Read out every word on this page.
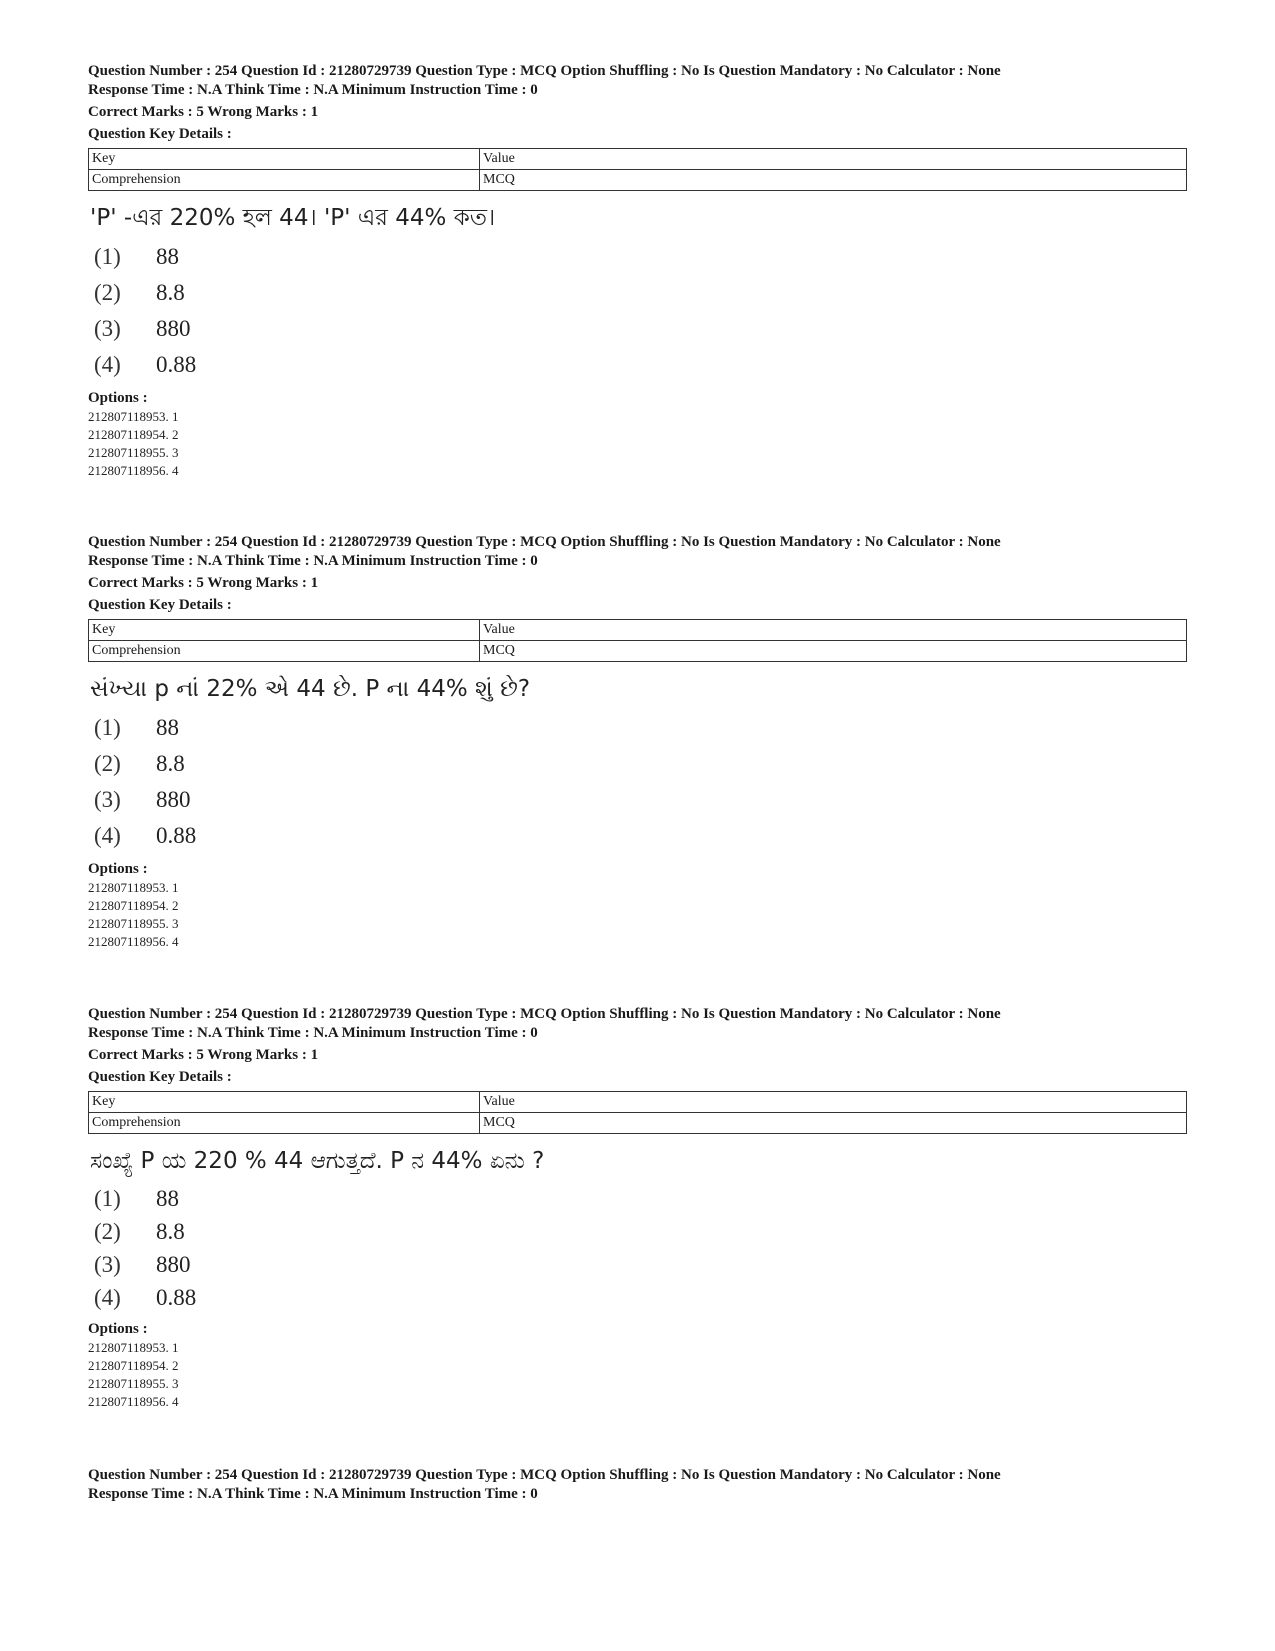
Question Number : 254 Question Id : 21280729739 Question Type : MCQ Option Shuffling : No Is Question Mandatory : No Calculator : None

Response Time : N.A Think Time : N.A Minimum Instruction Time : 0

Correct Marks : 5 Wrong Marks : 1

Question Key Details :

Key	Value
Comprehension	MCQ
'P' -এর 220% হল 44। 'P' এর 44% কত।
(1) 88
(2) 8.8
(3) 880
(4) 0.88
Options :
212807118953. 1
212807118954. 2
212807118955. 3
212807118956. 4

Question Number : 254 Question Id : 21280729739 Question Type : MCQ Option Shuffling : No Is Question Mandatory : No Calculator : None

Response Time : N.A Think Time : N.A Minimum Instruction Time : 0

Correct Marks : 5 Wrong Marks : 1

Question Key Details :

Key	Value
Comprehension	MCQ
સંખ્યા p નાં 22% એ 44 છે. P ના 44% શું છે?
(1) 88
(2) 8.8
(3) 880
(4) 0.88
Options :
212807118953. 1
212807118954. 2
212807118955. 3
212807118956. 4

Question Number : 254 Question Id : 21280729739 Question Type : MCQ Option Shuffling : No Is Question Mandatory : No Calculator : None

Response Time : N.A Think Time : N.A Minimum Instruction Time : 0

Correct Marks : 5 Wrong Marks : 1

Question Key Details :

Key	Value
Comprehension	MCQ
ಸಂಖ್ಯೆ P ಯ 220 % 44 ಆಗುತ್ತದೆ. P ನ 44% ಏನು ?
(1) 88
(2) 8.8
(3) 880
(4) 0.88
Options :
212807118953. 1
212807118954. 2
212807118955. 3
212807118956. 4

Question Number : 254 Question Id : 21280729739 Question Type : MCQ Option Shuffling : No Is Question Mandatory : No Calculator : None

Response Time : N.A Think Time : N.A Minimum Instruction Time : 0
